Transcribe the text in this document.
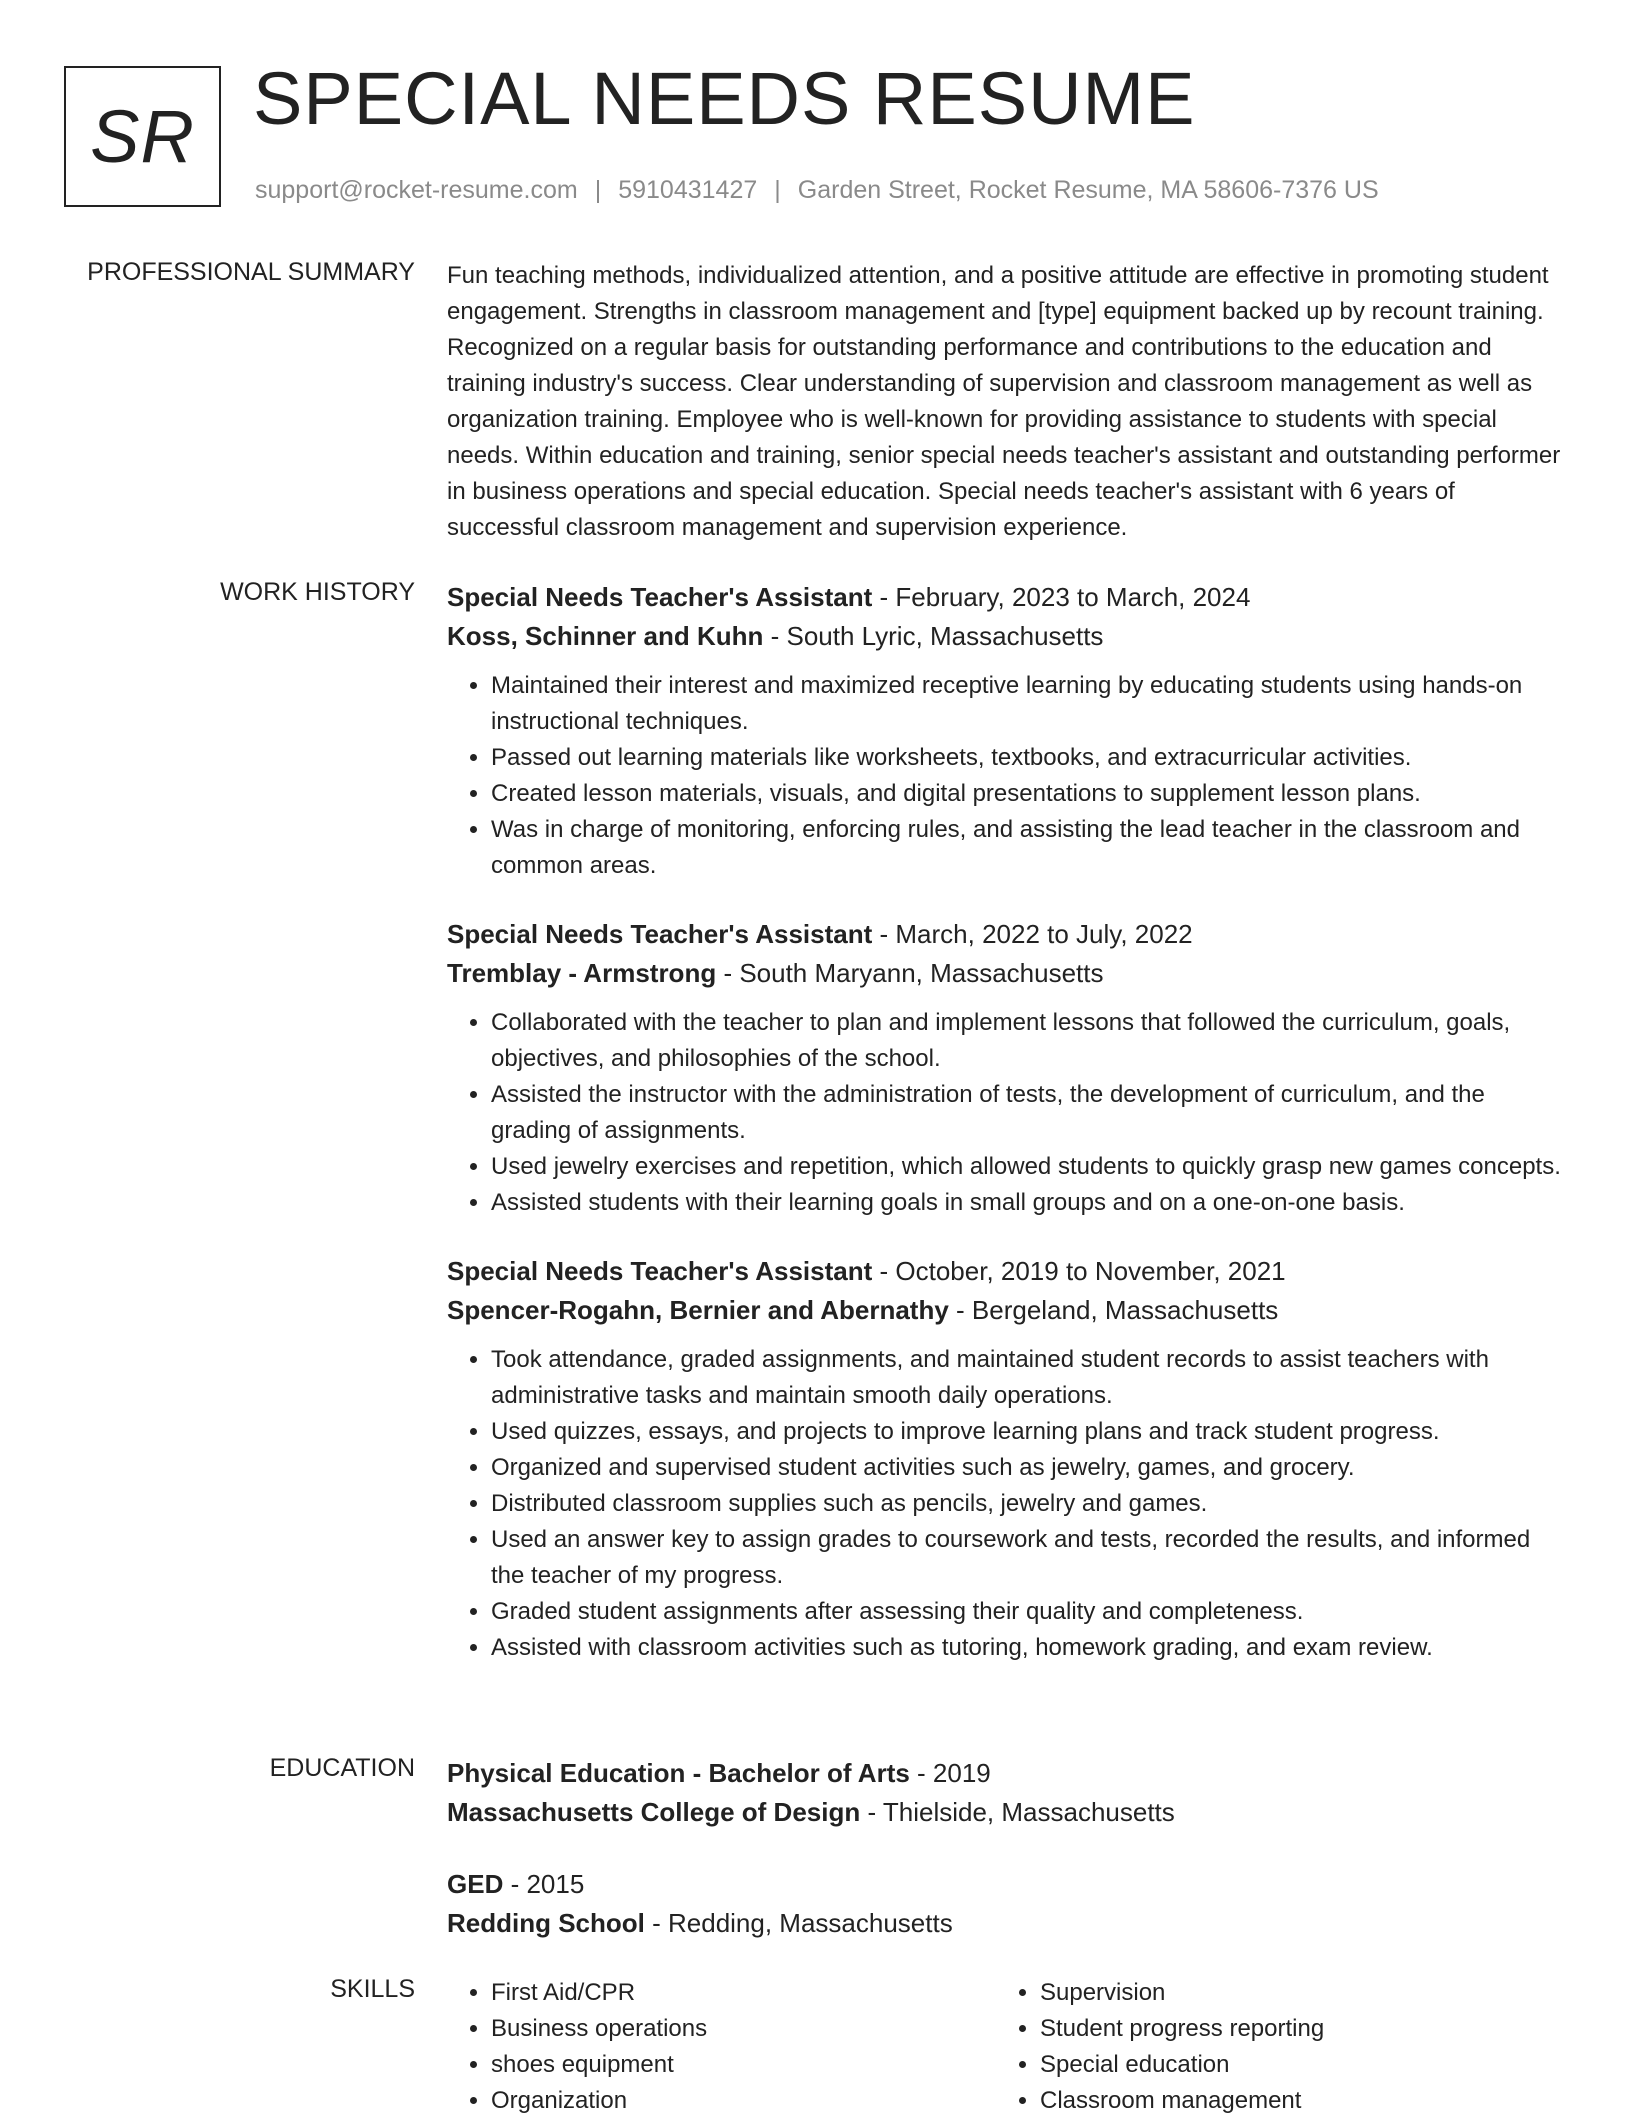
SR SPECIAL NEEDS RESUME
support@rocket-resume.com | 5910431427 | Garden Street, Rocket Resume, MA 58606-7376 US
PROFESSIONAL SUMMARY Fun teaching methods, individualized attention, and a positive attitude are effective in promoting student engagement. Strengths in classroom management and [type] equipment backed up by recount training. Recognized on a regular basis for outstanding performance and contributions to the education and training industry's success. Clear understanding of supervision and classroom management as well as organization training. Employee who is well-known for providing assistance to students with special needs. Within education and training, senior special needs teacher's assistant and outstanding performer in business operations and special education. Special needs teacher's assistant with 6 years of successful classroom management and supervision experience.

WORK HISTORY Special Needs Teacher's Assistant - February, 2023 to March, 2024
Koss, Schinner and Kuhn - South Lyric, Massachusetts
• Maintained their interest and maximized receptive learning by educating students using hands-on instructional techniques.
• Passed out learning materials like worksheets, textbooks, and extracurricular activities.
• Created lesson materials, visuals, and digital presentations to supplement lesson plans.
• Was in charge of monitoring, enforcing rules, and assisting the lead teacher in the classroom and common areas.
Special Needs Teacher's Assistant - March, 2022 to July, 2022
Tremblay - Armstrong - South Maryann, Massachusetts
• Collaborated with the teacher to plan and implement lessons that followed the curriculum, goals, objectives, and philosophies of the school.
• Assisted the instructor with the administration of tests, the development of curriculum, and the grading of assignments.
• Used jewelry exercises and repetition, which allowed students to quickly grasp new games concepts.
• Assisted students with their learning goals in small groups and on a one-on-one basis.
Special Needs Teacher's Assistant - October, 2019 to November, 2021
Spencer-Rogahn, Bernier and Abernathy - Bergeland, Massachusetts
• Took attendance, graded assignments, and maintained student records to assist teachers with administrative tasks and maintain smooth daily operations.
• Used quizzes, essays, and projects to improve learning plans and track student progress.
• Organized and supervised student activities such as jewelry, games, and grocery.
• Distributed classroom supplies such as pencils, jewelry and games.
• Used an answer key to assign grades to coursework and tests, recorded the results, and informed the teacher of my progress.
• Graded student assignments after assessing their quality and completeness.
• Assisted with classroom activities such as tutoring, homework grading, and exam review.
EDUCATION Physical Education - Bachelor of Arts - 2019
Massachusetts College of Design - Thielside, Massachusetts
GED - 2015
Redding School - Redding, Massachusetts
SKILLS
•	First Aid/CPR
• Business operations
• shoes equipment
• Organization
• Supervision
• Student progress reporting
• Special education
• Classroom management
